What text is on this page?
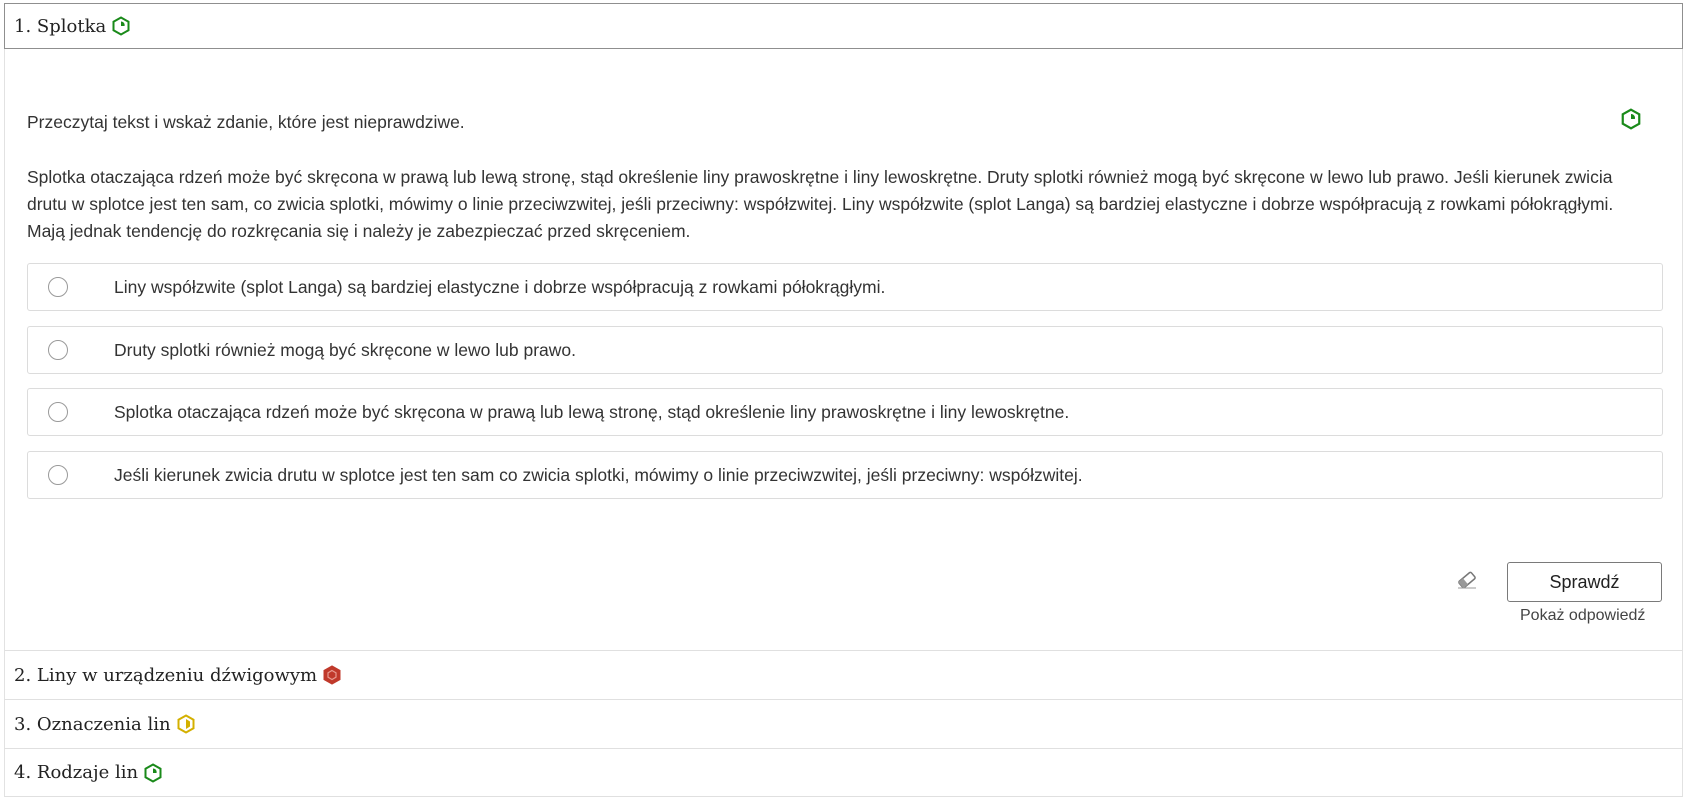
1. Splotka
Przeczytaj tekst i wskaż zdanie, które jest nieprawdziwe.
Splotka otaczająca rdzeń może być skręcona w prawą lub lewą stronę, stąd określenie liny prawoskrętne i liny lewoskrętne. Druty splotki również mogą być skręcone w lewo lub prawo. Jeśli kierunek zwicia drutu w splotce jest ten sam, co zwicia splotki, mówimy o linie przeciwzwitej, jeśli przeciwny: współzwitej. Liny współzwite (splot Langa) są bardziej elastyczne i dobrze współpracują z rowkami półokrągłymi. Mają jednak tendencję do rozkręcania się i należy je zabezpieczać przed skręceniem.
Liny współzwite (splot Langa) są bardziej elastyczne i dobrze współpracują z rowkami półokrągłymi.
Druty splotki również mogą być skręcone w lewo lub prawo.
Splotka otaczająca rdzeń może być skręcona w prawą lub lewą stronę, stąd określenie liny prawoskrętne i liny lewoskrętne.
Jeśli kierunek zwicia drutu w splotce jest ten sam co zwicia splotki, mówimy o linie przeciwzwitej, jeśli przeciwny: współzwitej.
Sprawdź
Pokaż odpowiedź
2. Liny w urządzeniu dźwigowym
3. Oznaczenia lin
4. Rodzaje lin
